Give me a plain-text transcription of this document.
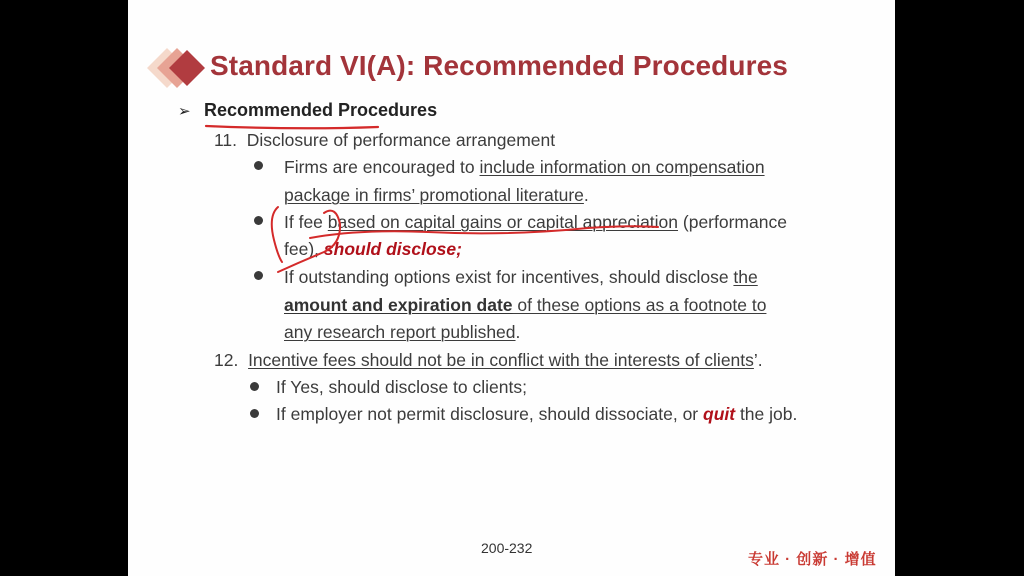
Standard VI(A): Recommended Procedures
➢ Recommended Procedures
11. Disclosure of performance arrangement
Firms are encouraged to include information on compensation
package in firms’ promotional literature.
If fee based on capital gains or capital appreciation (performance
fee), should disclose;
If outstanding options exist for incentives, should disclose the
amount and expiration date of these options as a footnote to
any research report published.
12. Incentive fees should not be in conflict with the interests of clients’.
If Yes, should disclose to clients;
If employer not permit disclosure, should dissociate, or quit the job.
200-232
专业 · 创新 · 增值
